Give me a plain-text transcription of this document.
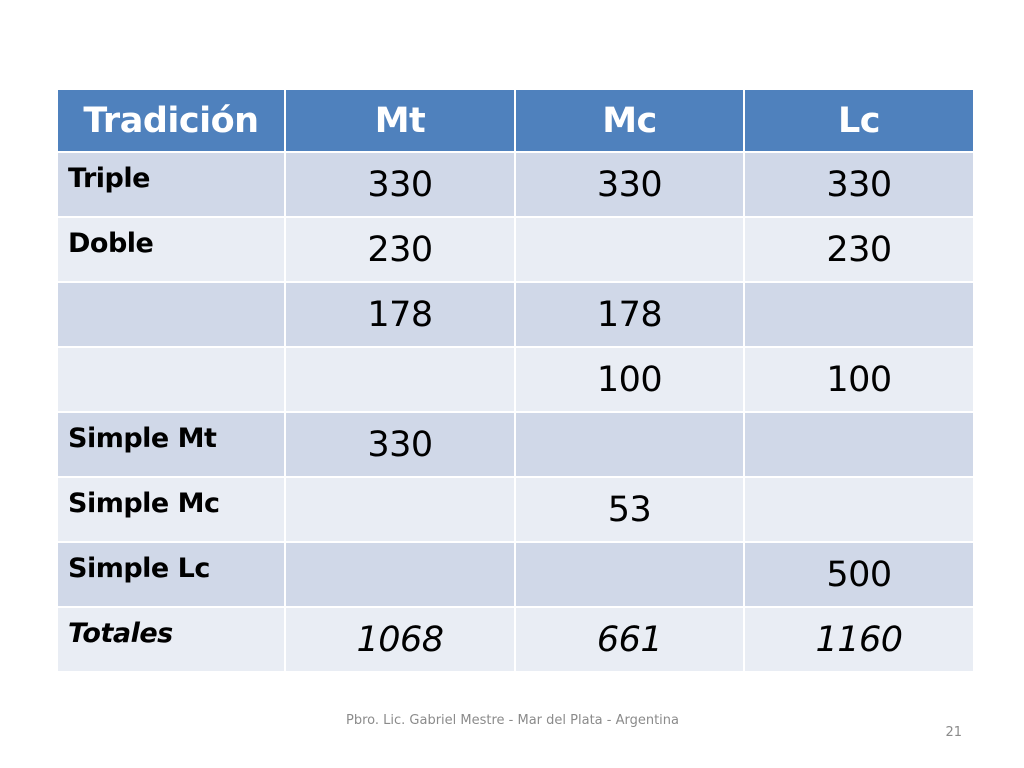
Tradición	Mt	Mc	Lc
Triple	330	330	330
Doble	230		230
	178	178	
		100	100
Simple Mt	330		
Simple Mc		53	
Simple Lc			500
Totales	1068	661	1160
Pbro. Lic. Gabriel Mestre - Mar del Plata - Argentina
21
